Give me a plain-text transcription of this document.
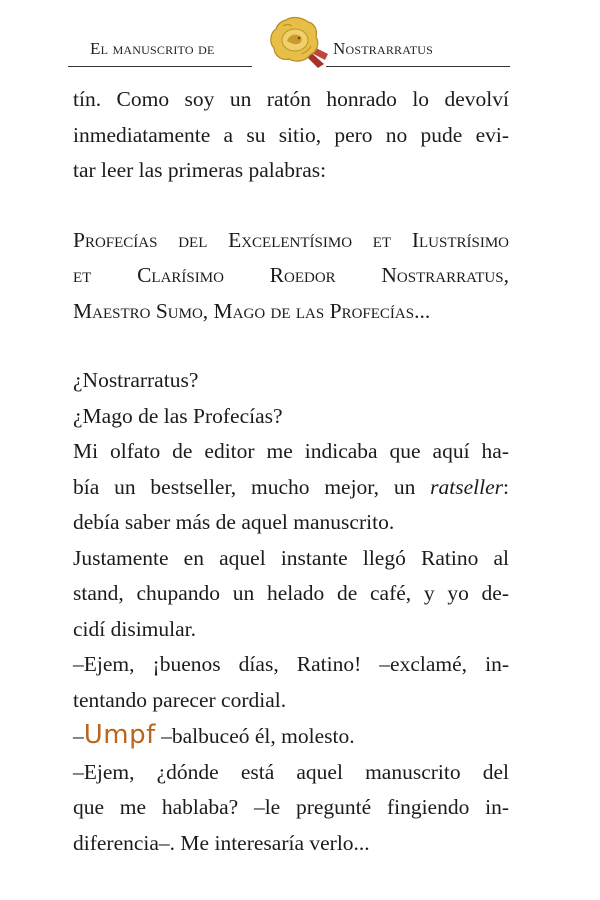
El manuscrito de	Nostrarratus

tín. Como soy un ratón honrado lo devolví
inmediatamente a su sitio, pero no pude evi-
tar leer las primeras palabras:

Profecías del Excelentísimo et Ilustrísimo
et Clarísimo Roedor Nostrarratus,
Maestro Sumo, Mago de las Profecías...

¿Nostrarratus?

¿Mago de las Profecías?

Mi olfato de editor me indicaba que aquí ha-
bía un bestseller, mucho mejor, un ratseller:
debía saber más de aquel manuscrito.

Justamente en aquel instante llegó Ratino al
stand, chupando un helado de café, y yo de-
cidí disimular.

–Ejem, ¡buenos días, Ratino! –exclamé, in-
tentando parecer cordial.

–Umpf –balbuceó él, molesto.

–Ejem, ¿dónde está aquel manuscrito del
que me hablaba? –le pregunté fingiendo in-
diferencia–. Me interesaría verlo...
